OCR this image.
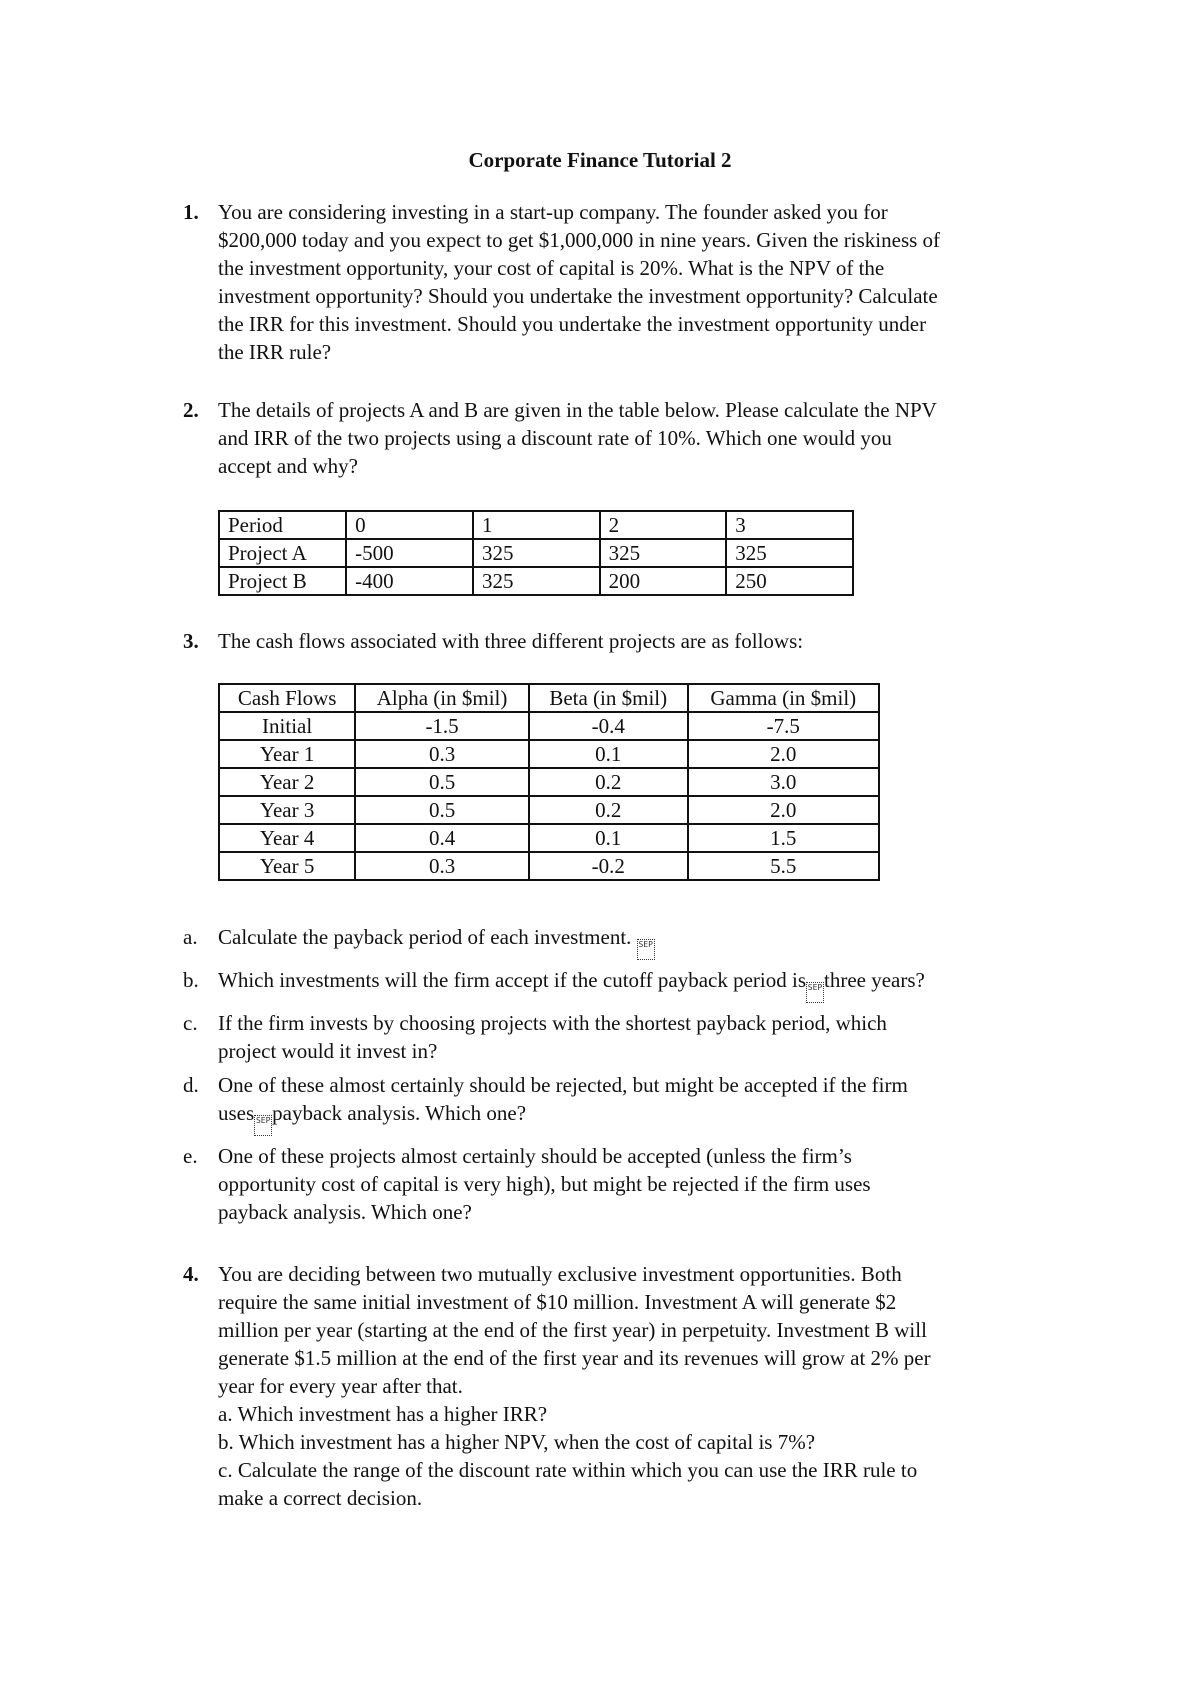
Corporate Finance Tutorial 2
1. You are considering investing in a start-up company. The founder asked you for
$200,000 today and you expect to get $1,000,000 in nine years. Given the riskiness of
the investment opportunity, your cost of capital is 20%. What is the NPV of the
investment opportunity? Should you undertake the investment opportunity? Calculate
the IRR for this investment. Should you undertake the investment opportunity under
the IRR rule?
2. The details of projects A and B are given in the table below. Please calculate the NPV
and IRR of the two projects using a discount rate of 10%. Which one would you
accept and why?
Period	0	1	2	3
Project A	-500	325	325	325
Project B	-400	325	200	250
3. The cash flows associated with three different projects are as follows:
Cash Flows	Alpha (in $mil)	Beta (in $mil)	Gamma (in $mil)
Initial	-1.5	-0.4	-7.5
Year 1	0.3	0.1	2.0
Year 2	0.5	0.2	3.0
Year 3	0.5	0.2	2.0
Year 4	0.4	0.1	1.5
Year 5	0.3	-0.2	5.5
a. Calculate the payback period of each investment. SEP
b. Which investments will the firm accept if the cutoff payback period is SEPthree years?
c. If the firm invests by choosing projects with the shortest payback period, which
project would it invest in?
d. One of these almost certainly should be rejected, but might be accepted if the firm
uses SEPpayback analysis. Which one?
e. One of these projects almost certainly should be accepted (unless the firm’s
opportunity cost of capital is very high), but might be rejected if the firm uses
payback analysis. Which one?
4. You are deciding between two mutually exclusive investment opportunities. Both
require the same initial investment of $10 million. Investment A will generate $2
million per year (starting at the end of the first year) in perpetuity. Investment B will
generate $1.5 million at the end of the first year and its revenues will grow at 2% per
year for every year after that.
a. Which investment has a higher IRR?
b. Which investment has a higher NPV, when the cost of capital is 7%?
c. Calculate the range of the discount rate within which you can use the IRR rule to
make a correct decision.
